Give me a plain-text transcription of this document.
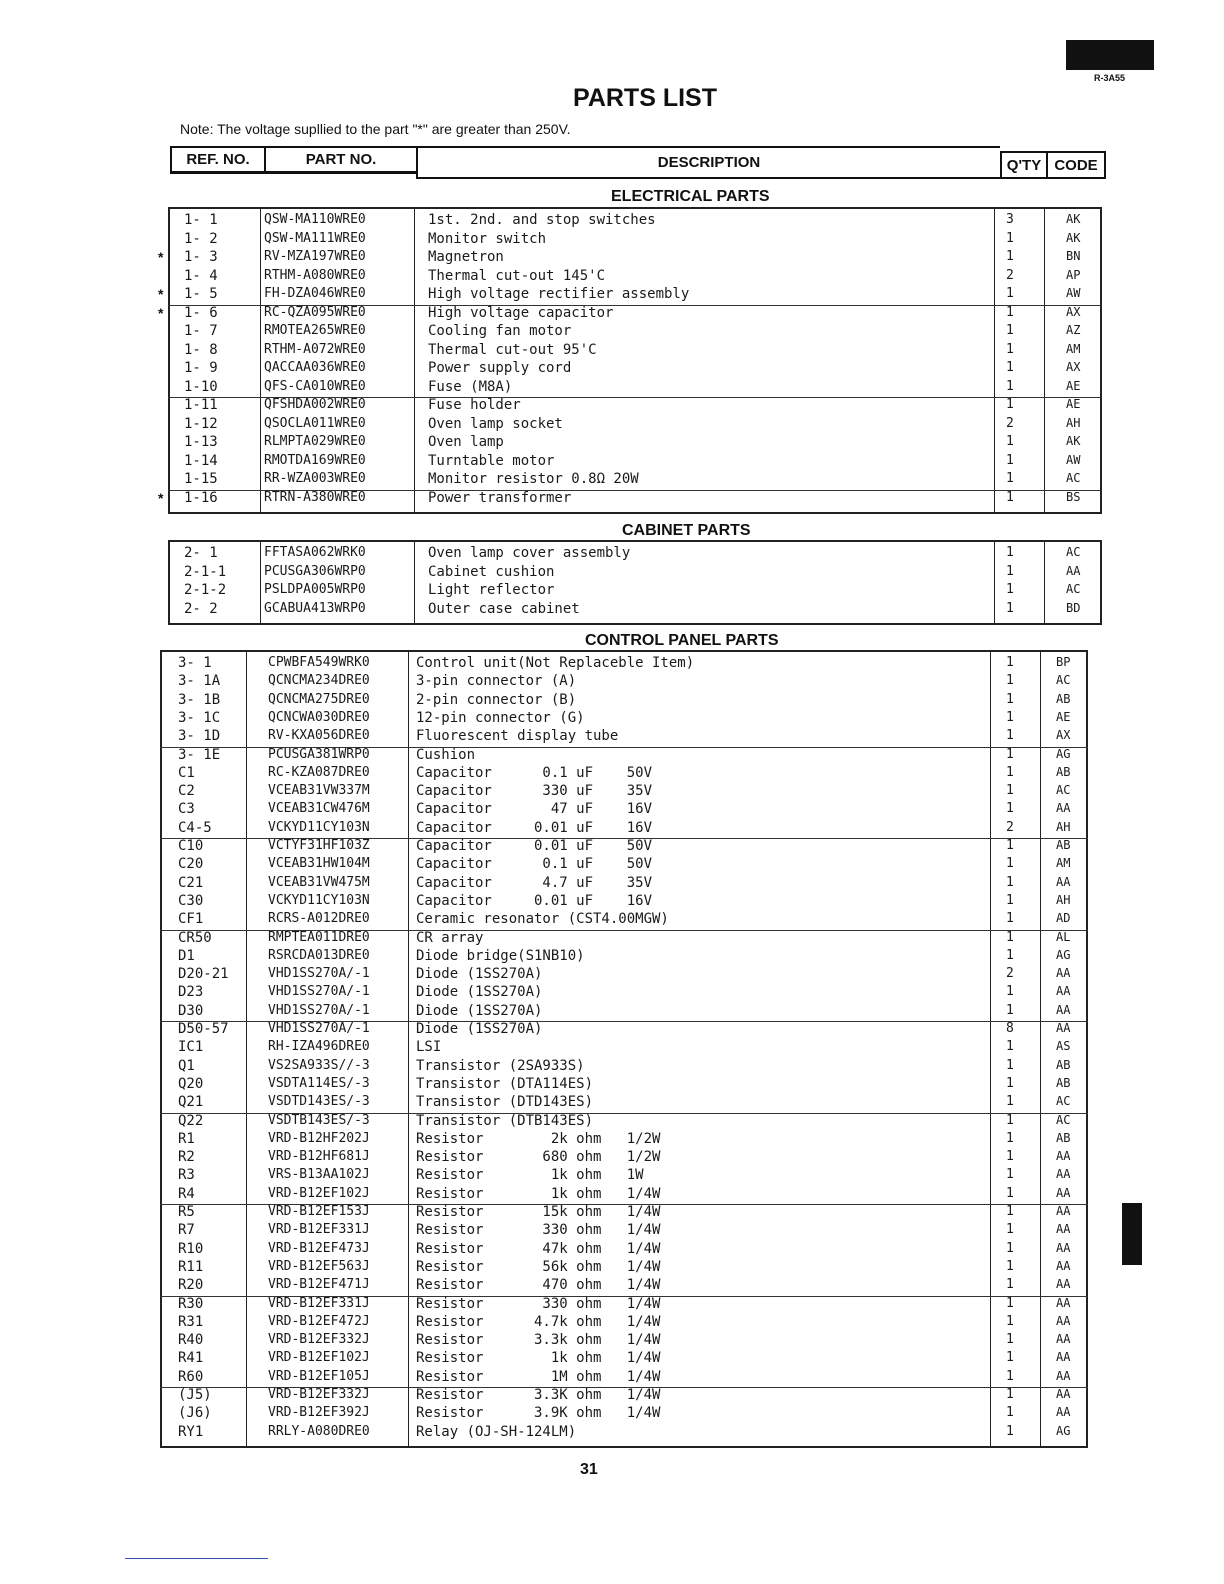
R-3A55
PARTS LIST
Note: The voltage supllied to the part "*" are greater than 250V.
REF. NO.	PART NO.	DESCRIPTION	Q'TY CODE
ELECTRICAL PARTS
1- 1	QSW-MA110WRE0	1st. 2nd. and stop switches	3	AK
1- 2	QSW-MA111WRE0	Monitor switch	1	AK
1- 3	RV-MZA197WRE0	Magnetron	1	BN
1- 4	RTHM-A080WRE0	Thermal cut-out 145'C	2	AP
1- 5	FH-DZA046WRE0	High voltage rectifier assembly	1	AW
1- 6	RC-QZA095WRE0	High voltage capacitor	1	AX
1- 7	RMOTEA265WRE0	Cooling fan motor	1	AZ
1- 8	RTHM-A072WRE0	Thermal cut-out 95'C	1	AM
1- 9	QACCAA036WRE0	Power supply cord	1	AX
1-10	QFS-CA010WRE0	Fuse (M8A)	1	AE
1-11	QFSHDA002WRE0	Fuse holder	1	AE
1-12	QSOCLA011WRE0	Oven lamp socket	2	AH
1-13	RLMPTA029WRE0	Oven lamp	1	AK
1-14	RMOTDA169WRE0	Turntable motor	1	AW
1-15	RR-WZA003WRE0	Monitor resistor 0.8Ω 20W	1	AC
1-16	RTRN-A380WRE0	Power transformer	1	BS
CABINET PARTS
2- 1	FFTASA062WRK0	Oven lamp cover assembly	1	AC
2-1-1	PCUSGA306WRP0	Cabinet cushion	1	AA
2-1-2	PSLDPA005WRP0	Light reflector	1	AC
2- 2	GCABUA413WRP0	Outer case cabinet	1	BD
CONTROL PANEL PARTS
3- 1	CPWBFA549WRK0	Control unit(Not Replaceble Item)	1	BP
3- 1A	QCNCMA234DRE0	3-pin connector (A)	1	AC
3- 1B	QCNCMA275DRE0	2-pin connector (B)	1	AB
3- 1C	QCNCWA030DRE0	12-pin connector (G)	1	AE
3- 1D	RV-KXA056DRE0	Fluorescent display tube	1	AX
3- 1E	PCUSGA381WRP0	Cushion	1	AG
C1	RC-KZA087DRE0	Capacitor      0.1 uF    50V	1	AB
C2	VCEAB31VW337M	Capacitor      330 uF    35V	1	AC
C3	VCEAB31CW476M	Capacitor       47 uF    16V	1	AA
C4-5	VCKYD11CY103N	Capacitor     0.01 uF    16V	2	AH
C10	VCTYF31HF103Z	Capacitor     0.01 uF    50V	1	AB
C20	VCEAB31HW104M	Capacitor      0.1 uF    50V	1	AM
C21	VCEAB31VW475M	Capacitor      4.7 uF    35V	1	AA
C30	VCKYD11CY103N	Capacitor     0.01 uF    16V	1	AH
CF1	RCRS-A012DRE0	Ceramic resonator (CST4.00MGW)	1	AD
CR50	RMPTEA011DRE0	CR array	1	AL
D1	RSRCDA013DRE0	Diode bridge(S1NB10)	1	AG
D20-21	VHD1SS270A/-1	Diode (1SS270A)	2	AA
D23	VHD1SS270A/-1	Diode (1SS270A)	1	AA
D30	VHD1SS270A/-1	Diode (1SS270A)	1	AA
D50-57	VHD1SS270A/-1	Diode (1SS270A)	8	AA
IC1	RH-IZA496DRE0	LSI	1	AS
Q1	VS2SA933S//-3	Transistor (2SA933S)	1	AB
Q20	VSDTA114ES/-3	Transistor (DTA114ES)	1	AB
Q21	VSDTD143ES/-3	Transistor (DTD143ES)	1	AC
Q22	VSDTB143ES/-3	Transistor (DTB143ES)	1	AC
R1	VRD-B12HF202J	Resistor        2k ohm   1/2W	1	AB
R2	VRD-B12HF681J	Resistor       680 ohm   1/2W	1	AA
R3	VRS-B13AA102J	Resistor        1k ohm   1W	1	AA
R4	VRD-B12EF102J	Resistor        1k ohm   1/4W	1	AA
R5	VRD-B12EF153J	Resistor       15k ohm   1/4W	1	AA
R7	VRD-B12EF331J	Resistor       330 ohm   1/4W	1	AA
R10	VRD-B12EF473J	Resistor       47k ohm   1/4W	1	AA
R11	VRD-B12EF563J	Resistor       56k ohm   1/4W	1	AA
R20	VRD-B12EF471J	Resistor       470 ohm   1/4W	1	AA
R30	VRD-B12EF331J	Resistor       330 ohm   1/4W	1	AA
R31	VRD-B12EF472J	Resistor      4.7k ohm   1/4W	1	AA
R40	VRD-B12EF332J	Resistor      3.3k ohm   1/4W	1	AA
R41	VRD-B12EF102J	Resistor        1k ohm   1/4W	1	AA
R60	VRD-B12EF105J	Resistor        1M ohm   1/4W	1	AA
(J5)	VRD-B12EF332J	Resistor      3.3K ohm   1/4W	1	AA
(J6)	VRD-B12EF392J	Resistor      3.9K ohm   1/4W	1	AA
RY1	RRLY-A080DRE0	Relay (OJ-SH-124LM)	1	AG
31
*
*
*
*
